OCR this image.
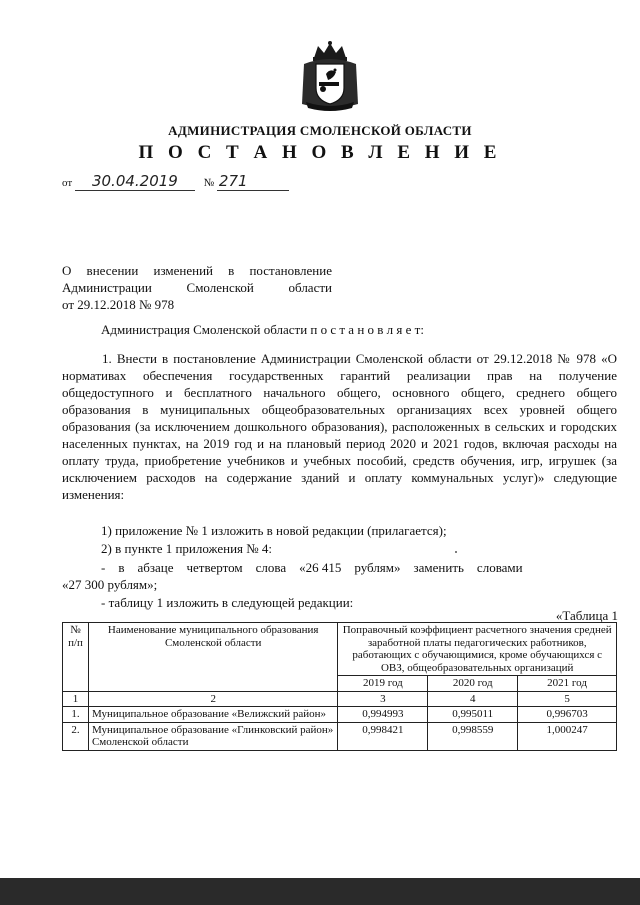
АДМИНИСТРАЦИЯ СМОЛЕНСКОЙ ОБЛАСТИ
П О С Т А Н О В Л Е Н И Е
от 30.04.2019 № 271
О внесении изменений в постановление
Администрации Смоленской области
от 29.12.2018 № 978
Администрация Смоленской области п о с т а н о в л я е т:
1. Внести в постановление Администрации Смоленской области от 29.12.2018 № 978 «О нормативах обеспечения государственных гарантий реализации прав на получение общедоступного и бесплатного начального общего, основного общего, среднего общего образования в муниципальных общеобразовательных организациях всех уровней общего образования (за исключением дошкольного образования), расположенных в сельских и городских населенных пунктах, на 2019 год и на плановый период 2020 и 2021 годов, включая расходы на оплату труда, приобретение учебников и учебных пособий, средств обучения, игр, игрушек (за исключением расходов на содержание зданий и оплату коммунальных услуг)» следующие изменения:
1) приложение № 1 изложить в новой редакции (прилагается);
2) в пункте 1 приложения № 4:
-    в    абзаце    четвертом    слова    «26 415    рублям»    заменить    словами
«27 300 рублям»;
- таблицу 1 изложить в следующей редакции:
«Таблица 1
№ п/п	Наименование муниципального образования Смоленской области	Поправочный коэффициент расчетного значения средней заработной платы педагогических работников, работающих с обучающимися, кроме обучающихся с ОВЗ, общеобразовательных организаций		
		2019 год	2020 год	2021 год
1	2	3	4	5
1.	Муниципальное образование «Велижский район»	0,994993	0,995011	0,996703
2.	Муниципальное образование «Глинковский район» Смоленской области	0,998421	0,998559	1,000247
